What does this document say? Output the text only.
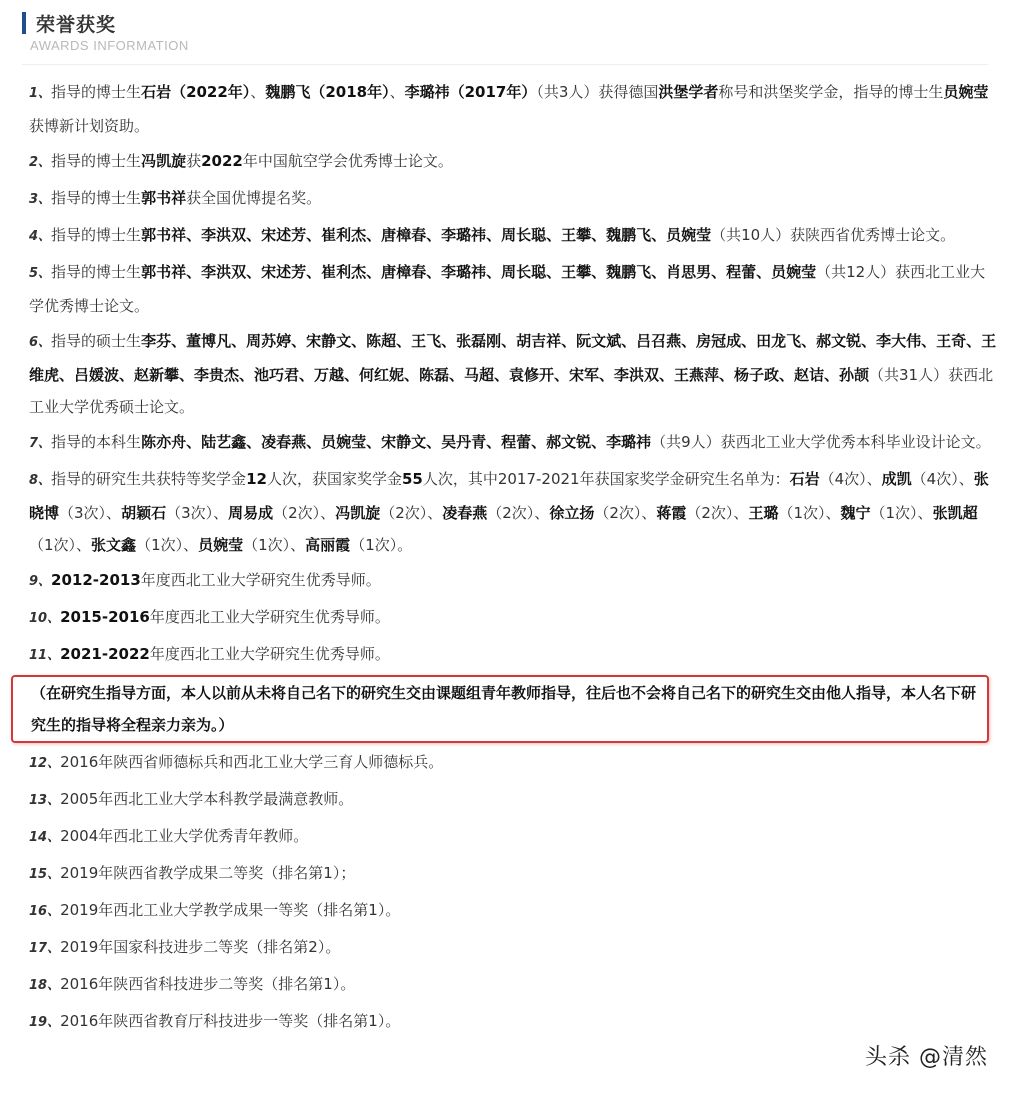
荣誉获奖
AWARDS INFORMATION
1、指导的博士生石岩（2022年）、魏鹏飞（2018年）、李璐祎（2017年）（共3人）获得德国洪堡学者称号和洪堡奖学金，指导的博士生员婉莹获博新计划资助。
2、指导的博士生冯凯旋获2022年中国航空学会优秀博士论文。
3、指导的博士生郭书祥获全国优博提名奖。
4、指导的博士生郭书祥、李洪双、宋述芳、崔利杰、唐樟春、李璐祎、周长聪、王攀、魏鹏飞、员婉莹（共10人）获陕西省优秀博士论文。
5、指导的博士生郭书祥、李洪双、宋述芳、崔利杰、唐樟春、李璐祎、周长聪、王攀、魏鹏飞、肖思男、程蕾、员婉莹（共12人）获西北工业大学优秀博士论文。
6、指导的硕士生李芬、董博凡、周苏婷、宋静文、陈超、王飞、张磊刚、胡吉祥、阮文斌、吕召燕、房冠成、田龙飞、郝文锐、李大伟、王奇、王维虎、吕媛波、赵新攀、李贵杰、池巧君、万越、何红妮、陈磊、马超、袁修开、宋军、李洪双、王燕萍、杨子政、赵诘、孙颉（共31人）获西北工业大学优秀硕士论文。
7、指导的本科生陈亦舟、陆艺鑫、凌春燕、员婉莹、宋静文、吴丹青、程蕾、郝文锐、李璐祎（共9人）获西北工业大学优秀本科毕业设计论文。
8、指导的研究生共获特等奖学金12人次，获国家奖学金55人次，其中2017-2021年获国家奖学金研究生名单为：石岩（4次）、成凯（4次）、张晓博（3次）、胡颖石（3次）、周易成（2次）、冯凯旋（2次）、凌春燕（2次）、徐立扬（2次）、蒋霞（2次）、王璐（1次）、魏宁（1次）、张凯超（1次）、张文鑫（1次）、员婉莹（1次）、高丽霞（1次）。
9、2012-2013年度西北工业大学研究生优秀导师。
10、2015-2016年度西北工业大学研究生优秀导师。
11、2021-2022年度西北工业大学研究生优秀导师。
（在研究生指导方面，本人以前从未将自己名下的研究生交由课题组青年教师指导，往后也不会将自己名下的研究生交由他人指导，本人名下研究生的指导将全程亲力亲为。）
12、2016年陕西省师德标兵和西北工业大学三育人师德标兵。
13、2005年西北工业大学本科教学最满意教师。
14、2004年西北工业大学优秀青年教师。
15、2019年陕西省教学成果二等奖（排名第1）；
16、2019年西北工业大学教学成果一等奖（排名第1）。
17、2019年国家科技进步二等奖（排名第2）。
18、2016年陕西省科技进步二等奖（排名第1）。
19、2016年陕西省教育厅科技进步一等奖（排名第1）。
头杀 @清然
